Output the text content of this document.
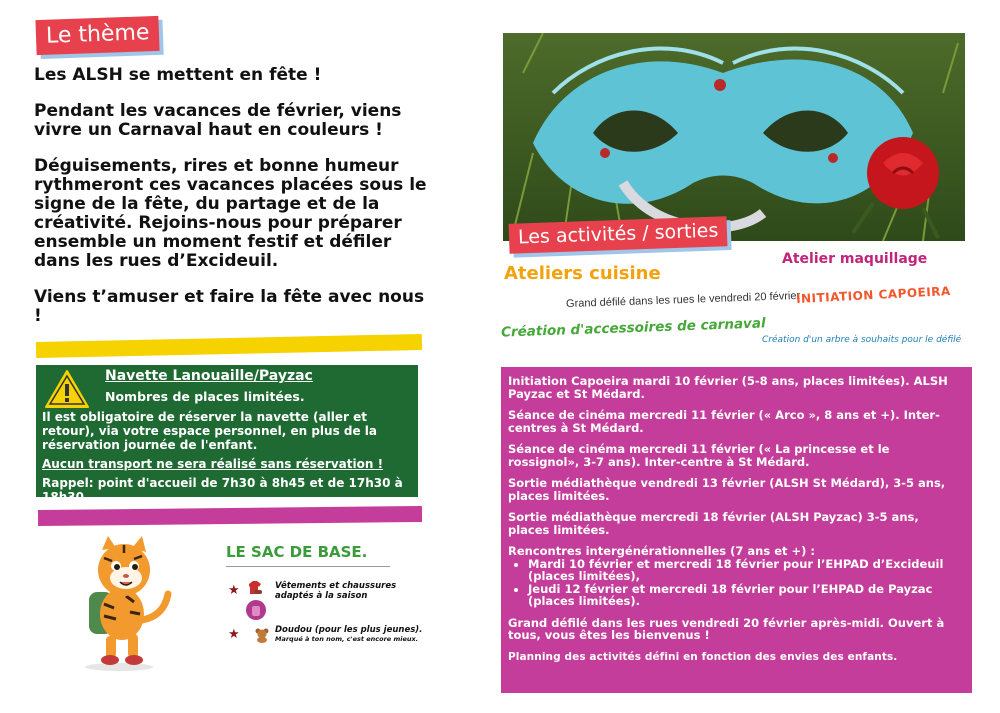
Le thème

Les ALSH se mettent en fête !

Pendant les vacances de février, viens vivre un Carnaval haut en couleurs !

Déguisements, rires et bonne humeur rythmeront ces vacances placées sous le signe de la fête, du partage et de la créativité. Rejoins-nous pour préparer ensemble un moment festif et défiler dans les rues d’Excideuil.

Viens t’amuser et faire la fête avec nous !

Navette Lanouaille/Payzac
Nombres de places limitées.
Il est obligatoire de réserver la navette (aller et retour), via votre espace personnel, en plus de la réservation journée de l'enfant.
Aucun transport ne sera réalisé sans réservation !
Rappel: point d'accueil de 7h30 à 8h45 et de 17h30 à 18h30.
LE SAC DE BASE.
★	Vêtements et chaussures adaptés à la saison
★	Doudou (pour les plus jeunes).
Marqué à ton nom, c'est encore mieux.
Les activités / sorties
Ateliers cuisine
Atelier maquillage
Grand défilé dans les rues le vendredi 20 février
INITIATION CAPOEIRA
Création d'accessoires de carnaval
Création d'un arbre à souhaits pour le défilé

Initiation Capoeira mardi 10 février (5-8 ans, places limitées). ALSH Payzac et St Médard.

Séance de cinéma mercredi 11 février (« Arco », 8 ans et +). Inter-centres à St Médard.

Séance de cinéma mercredi 11 février (« La princesse et le rossignol», 3-7 ans). Inter-centre à St Médard.

Sortie médiathèque vendredi 13 février (ALSH St Médard), 3-5 ans, places limitées.

Sortie médiathèque mercredi 18 février (ALSH Payzac) 3-5 ans, places limitées.

Rencontres intergénérationnelles (7 ans et +) :
• Mardi 10 février et mercredi 18 février pour l’EHPAD d’Excideuil (places limitées),
• Jeudi 12 février et mercredi 18 février pour l’EHPAD de Payzac (places limitées).

Grand défilé dans les rues vendredi 20 février après-midi. Ouvert à tous, vous êtes les bienvenus !

Planning des activités défini en fonction des envies des enfants.
